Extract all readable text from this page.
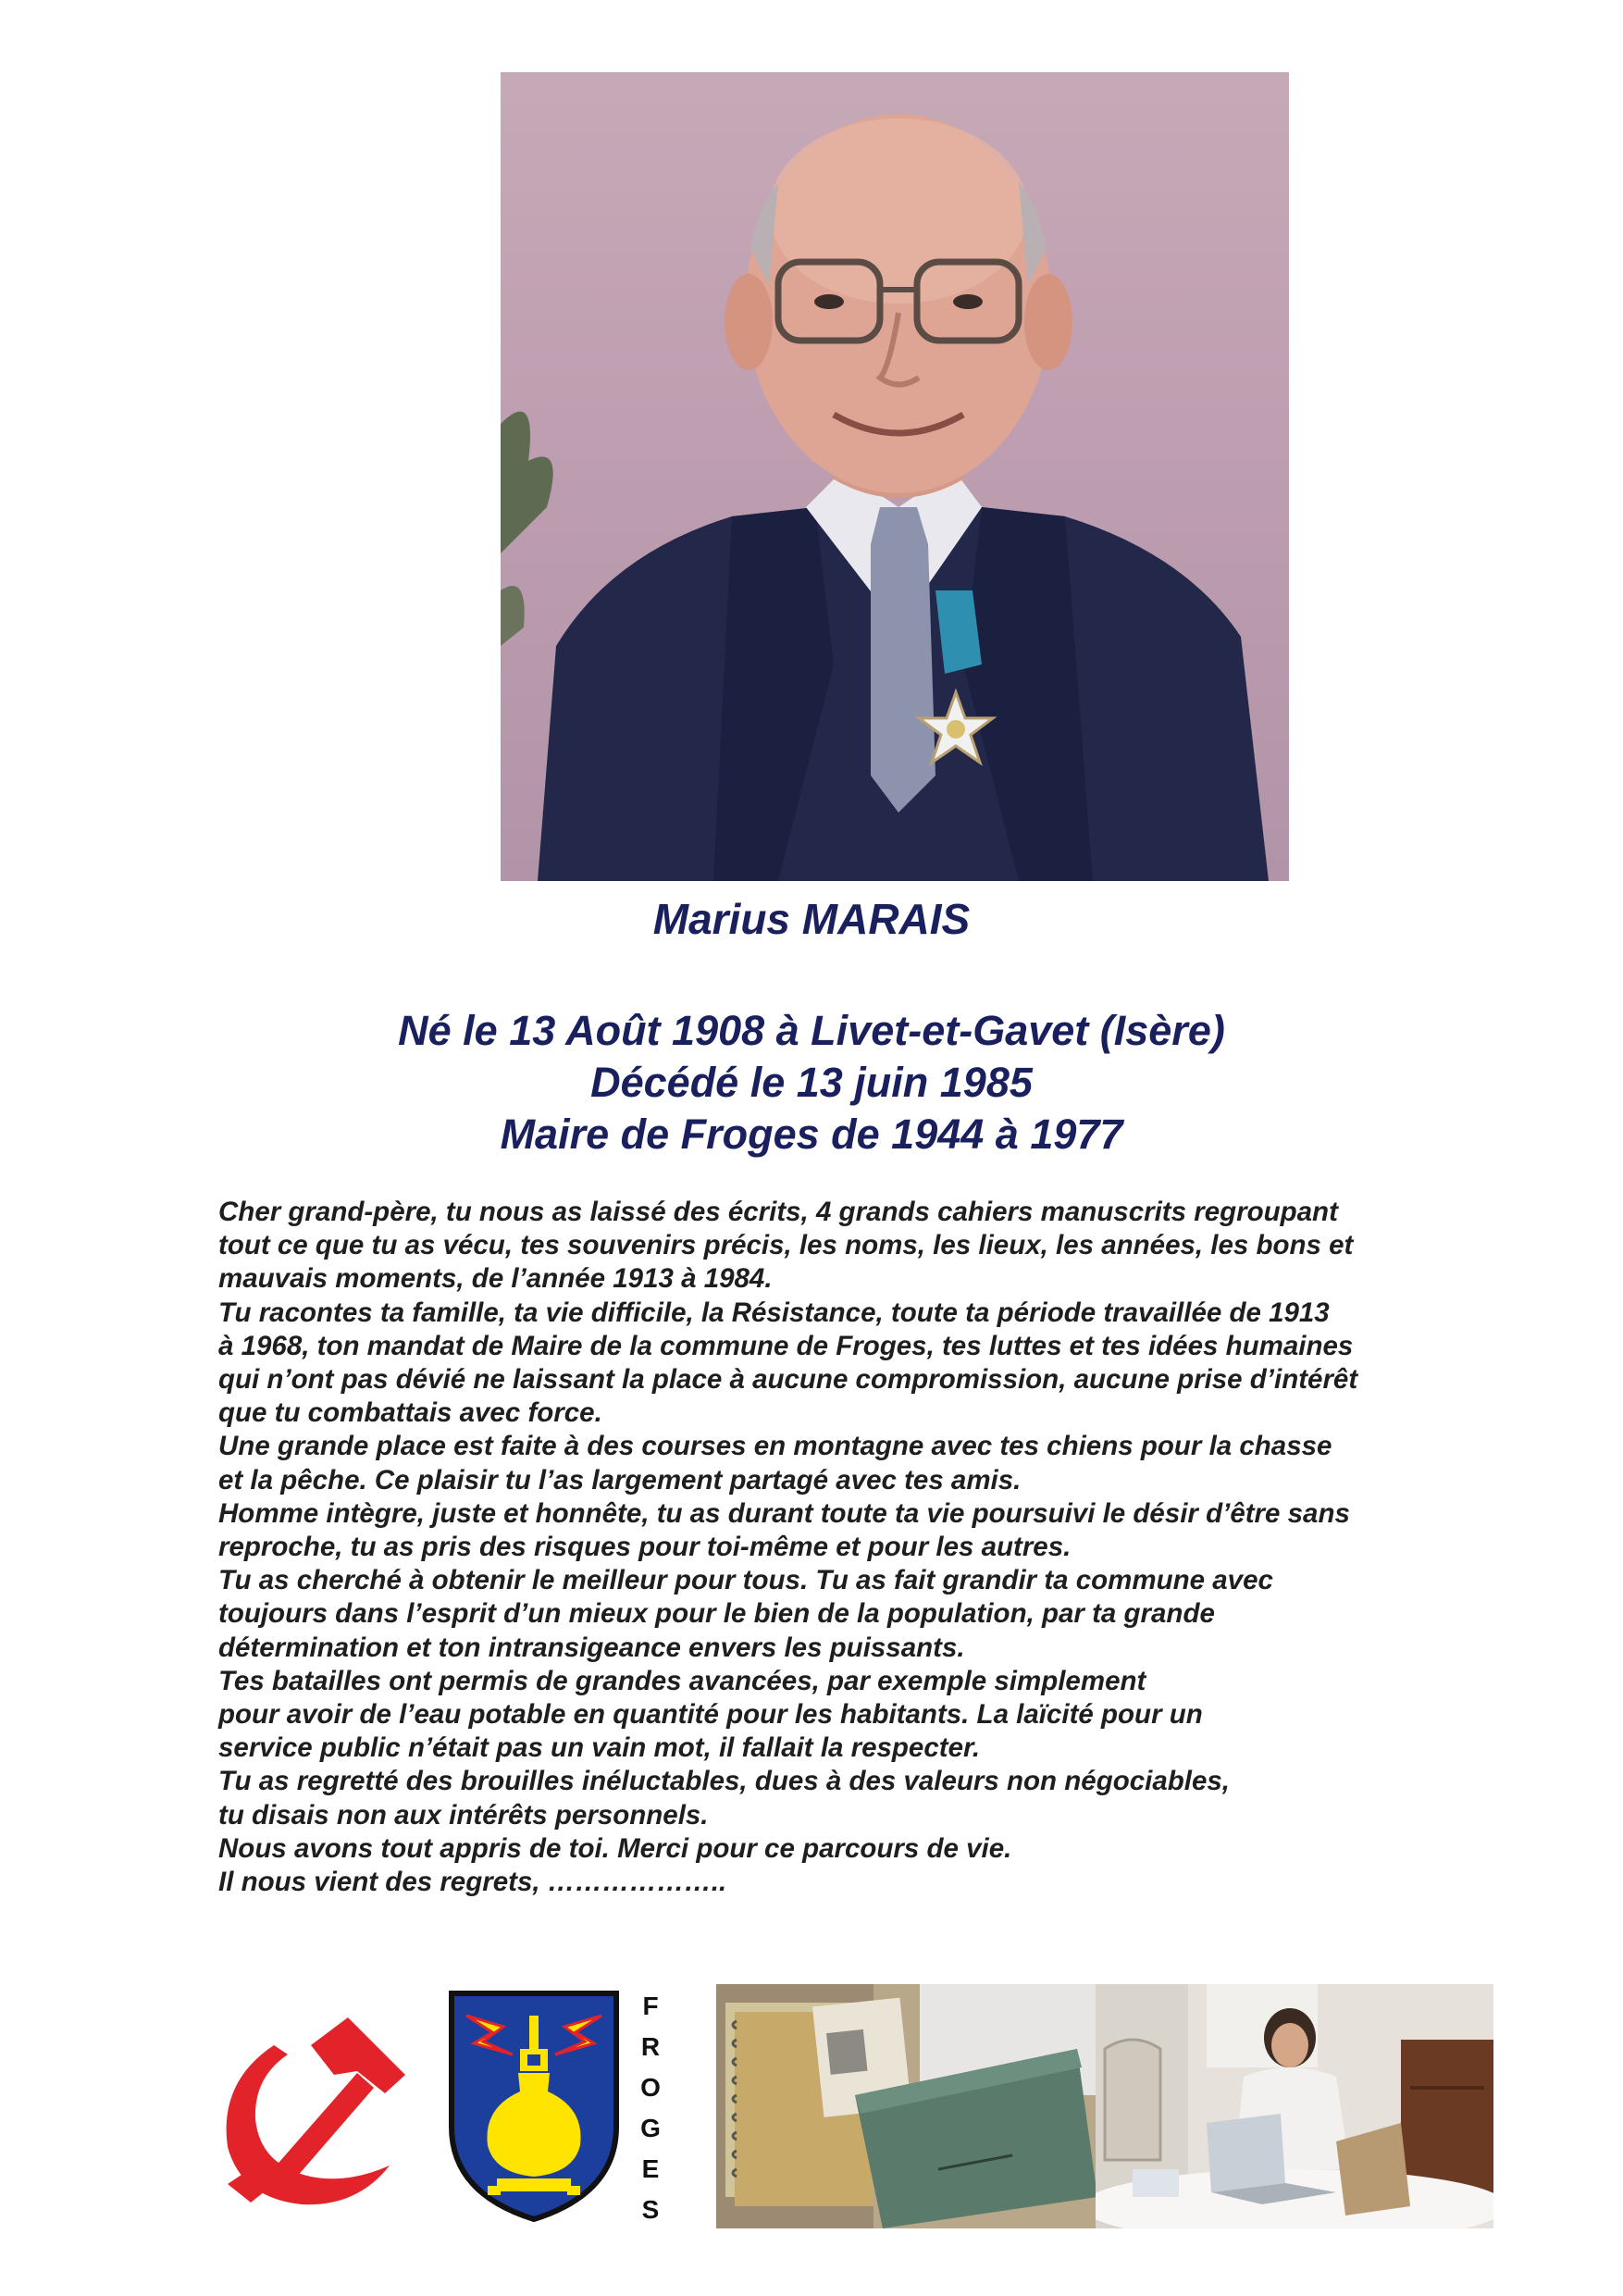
Marius MARAIS
Né le 13 Août 1908 à Livet-et-Gavet (Isère)
Décédé le 13 juin 1985
Maire de Froges de 1944 à 1977
Cher grand-père, tu nous as laissé des écrits, 4 grands cahiers manuscrits regroupant
tout ce que tu as vécu, tes souvenirs précis, les noms, les lieux, les années, les bons et
mauvais moments, de l’année 1913 à 1984.
Tu racontes ta famille, ta vie difficile, la Résistance, toute ta période travaillée de 1913
à 1968, ton mandat de Maire de la commune de Froges, tes luttes et tes idées humaines
qui n’ont pas dévié ne laissant la place à aucune compromission, aucune prise d’intérêt
que tu combattais avec force.
Une grande place est faite à des courses en montagne avec tes chiens pour la chasse
et la pêche. Ce plaisir tu l’as largement partagé avec tes amis.
Homme intègre, juste et honnête, tu as durant toute ta vie poursuivi le désir d’être sans
reproche, tu as pris des risques pour toi-même et pour les autres.
Tu as cherché à obtenir le meilleur pour tous. Tu as fait grandir ta commune avec
toujours dans l’esprit d’un mieux pour le bien de la population, par ta grande
détermination et ton intransigeance envers les puissants.
Tes batailles ont permis de grandes avancées, par exemple simplement
pour avoir de l’eau potable en quantité pour les habitants. La laïcité pour un
service public n’était pas un vain mot, il fallait la respecter.
Tu as regretté des brouilles inéluctables, dues à des valeurs non négociables,
tu disais non aux intérêts personnels.
Nous avons tout appris de toi. Merci pour ce parcours de vie.
Il nous vient des regrets, ………………..
F
R
O
G
E
S
